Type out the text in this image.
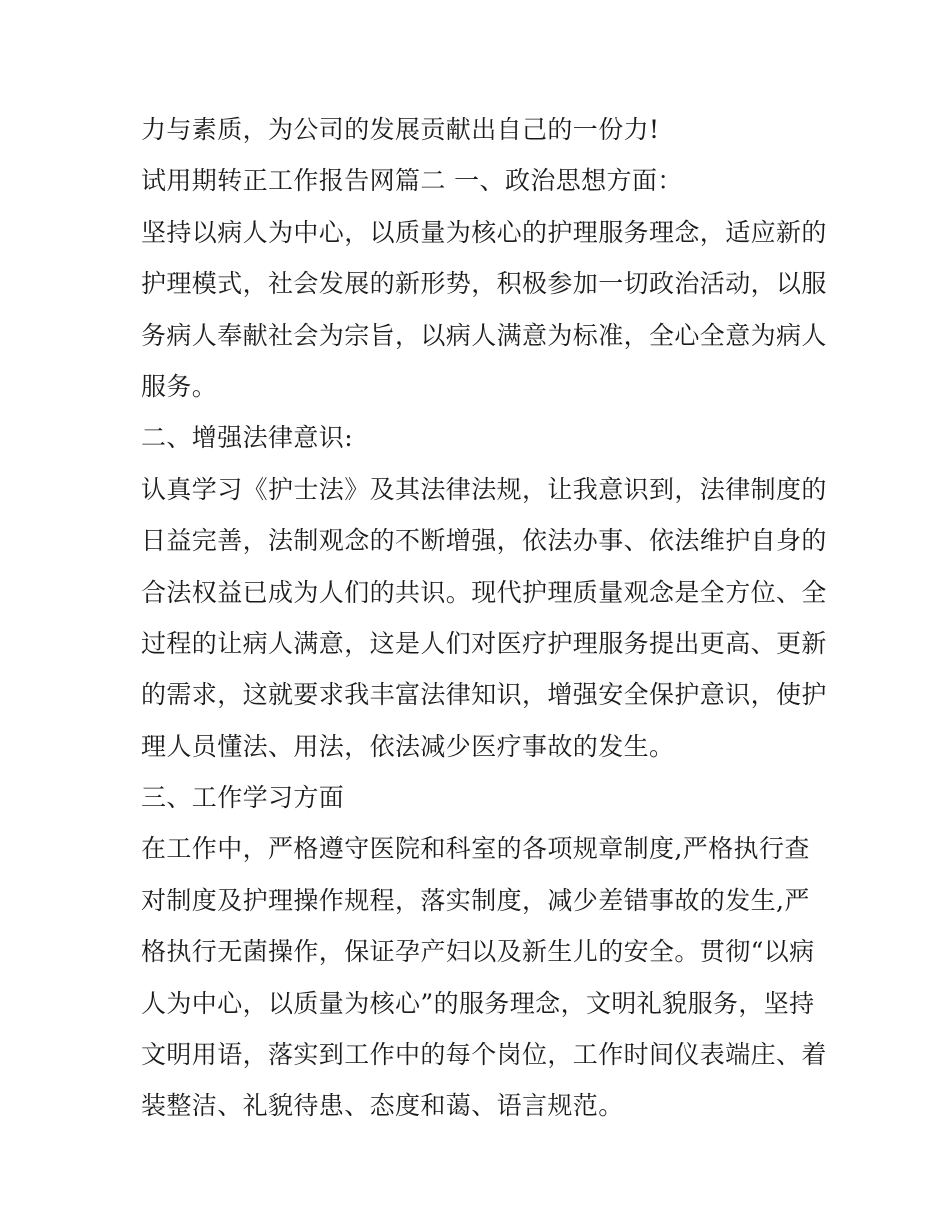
力与素质，为公司的发展贡献出自己的一份力!
试用期转正工作报告网篇二 一、政治思想方面：
坚持以病人为中心，以质量为核心的护理服务理念，适应新的
护理模式，社会发展的新形势，积极参加一切政治活动，以服
务病人奉献社会为宗旨，以病人满意为标准，全心全意为病人
服务。
二、增强法律意识:
认真学习《护士法》及其法律法规，让我意识到，法律制度的
日益完善，法制观念的不断增强，依法办事、依法维护自身的
合法权益已成为人们的共识。现代护理质量观念是全方位、全
过程的让病人满意，这是人们对医疗护理服务提出更高、更新
的需求，这就要求我丰富法律知识，增强安全保护意识，使护
理人员懂法、用法，依法减少医疗事故的发生。
三、工作学习方面
在工作中，严格遵守医院和科室的各项规章制度,严格执行查
对制度及护理操作规程，落实制度，减少差错事故的发生,严
格执行无菌操作，保证孕产妇以及新生儿的安全。贯彻“以病
人为中心，以质量为核心”的服务理念，文明礼貌服务，坚持
文明用语，落实到工作中的每个岗位，工作时间仪表端庄、着
装整洁、礼貌待患、态度和蔼、语言规范。
